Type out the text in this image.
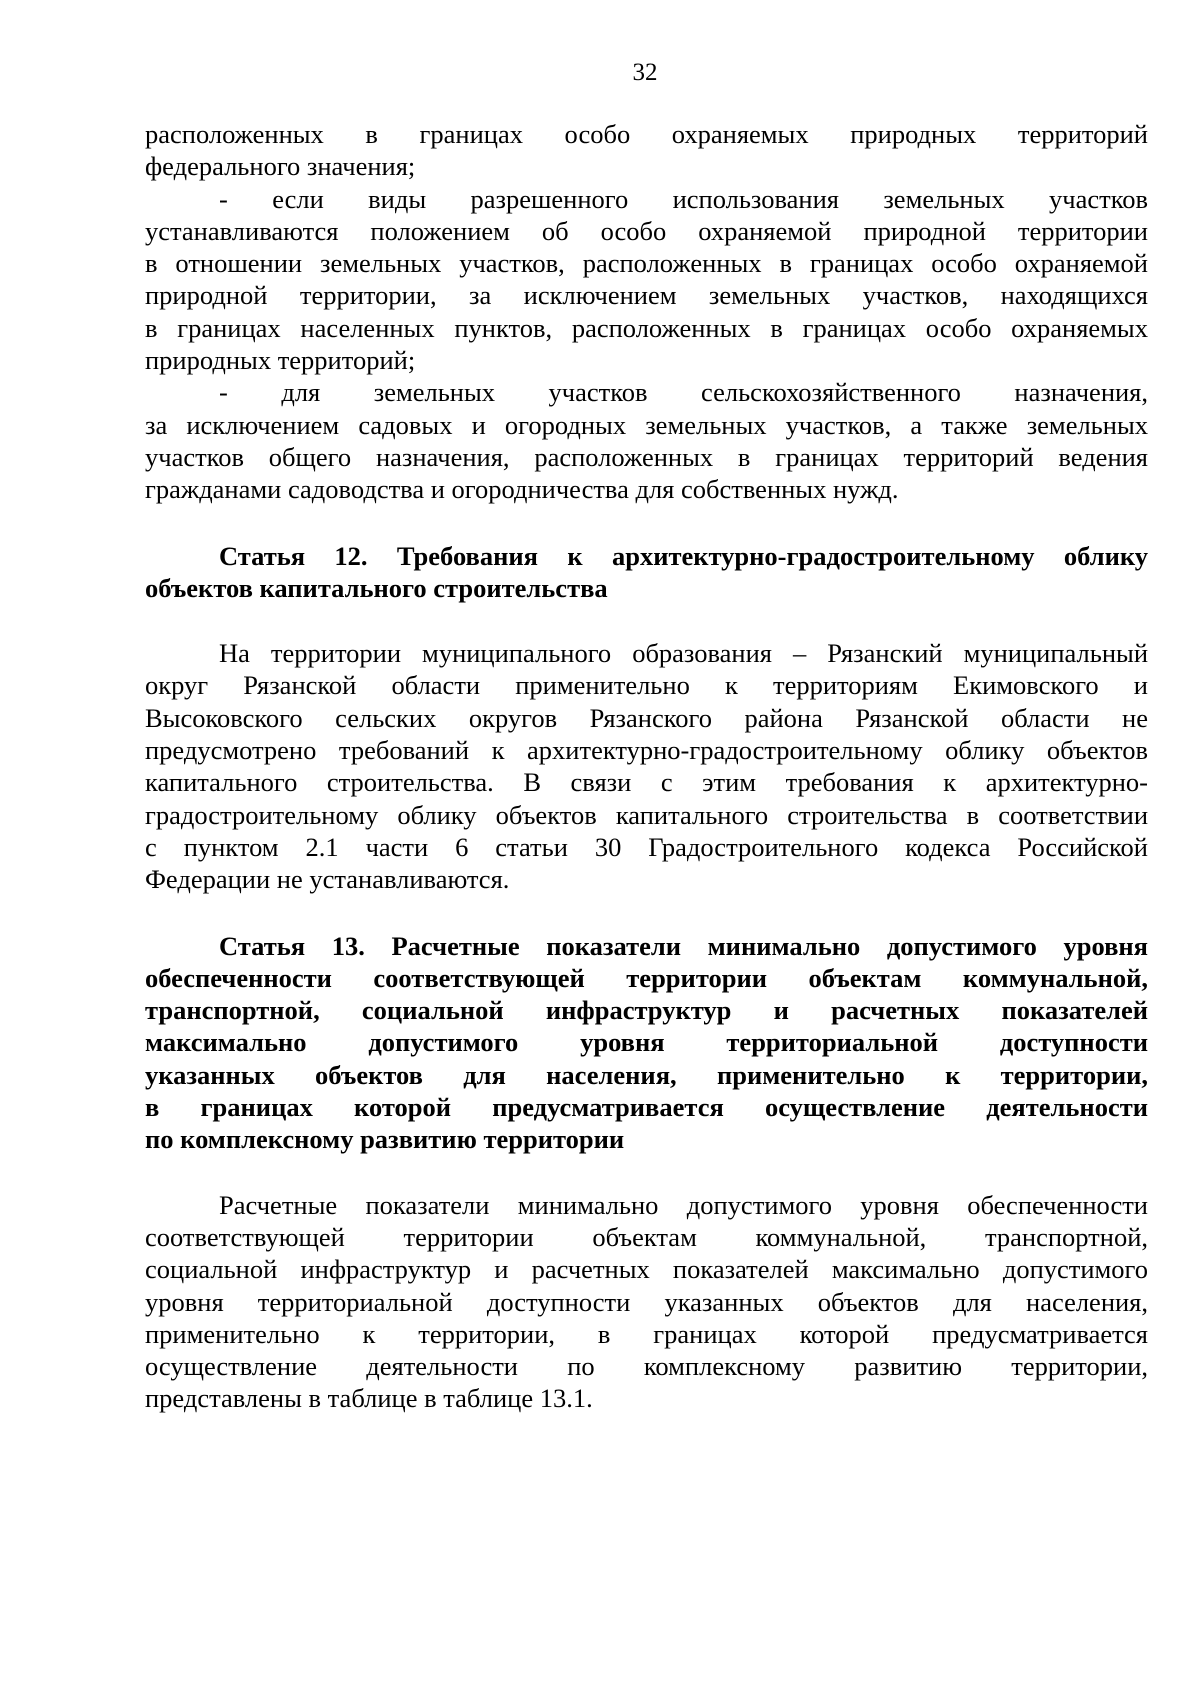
32
расположенных в границах особо охраняемых природных территорий
федерального значения;
- если виды разрешенного использования земельных участков
устанавливаются положением об особо охраняемой природной территории
в отношении земельных участков, расположенных в границах особо охраняемой
природной территории, за исключением земельных участков, находящихся
в границах населенных пунктов, расположенных в границах особо охраняемых
природных территорий;
- для земельных участков сельскохозяйственного назначения,
за исключением садовых и огородных земельных участков, а также земельных
участков общего назначения, расположенных в границах территорий ведения
гражданами садоводства и огородничества для собственных нужд.
Статья 12. Требования к архитектурно-градостроительному облику
объектов капитального строительства
На территории муниципального образования – Рязанский муниципальный
округ Рязанской области применительно к территориям Екимовского и
Высоковского сельских округов Рязанского района Рязанской области не
предусмотрено требований к архитектурно-градостроительному облику объектов
капитального строительства. В связи с этим требования к архитектурно-
градостроительному облику объектов капитального строительства в соответствии
с пунктом 2.1 части 6 статьи 30 Градостроительного кодекса Российской
Федерации не устанавливаются.
Статья 13. Расчетные показатели минимально допустимого уровня
обеспеченности соответствующей территории объектам коммунальной,
транспортной, социальной инфраструктур и расчетных показателей
максимально допустимого уровня территориальной доступности
указанных объектов для населения, применительно к территории,
в границах которой предусматривается осуществление деятельности
по комплексному развитию территории
Расчетные показатели минимально допустимого уровня обеспеченности
соответствующей территории объектам коммунальной, транспортной,
социальной инфраструктур и расчетных показателей максимально допустимого
уровня территориальной доступности указанных объектов для населения,
применительно к территории, в границах которой предусматривается
осуществление деятельности по комплексному развитию территории,
представлены в таблице в таблице 13.1.
